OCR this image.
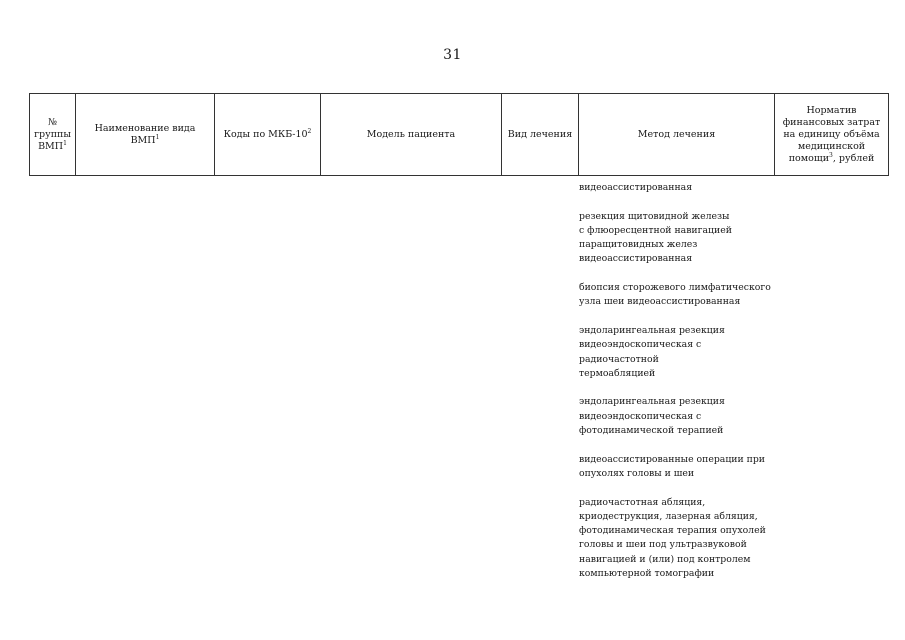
31
№ группы ВМП$^1$	Наименование вида ВМП$^1$	Коды по МКБ-$10^2$	Модель пациента	Вид лечения	Метод лечения	Норматив финансовых затрат на единицу объёма медицинской помощи$^3$, рублей
видеоассистированная
резекция щитовидной железы
с флюоресцентной навигацией
паращитовидных желез
видеоассистированная
биопсия сторожевого лимфатического
узла шеи видеоассистированная
эндоларингеальная резекция
видеоэндоскопическая с радиочастотной
термоабляцией
эндоларингеальная резекция
видеоэндоскопическая с
фотодинамической терапией
видеоассистированные операции при
опухолях головы и шеи
радиочастотная абляция,
криодеструкция, лазерная абляция,
фотодинамическая терапия опухолей
головы и шеи под ультразвуковой
навигацией и (или) под контролем
компьютерной томографии
